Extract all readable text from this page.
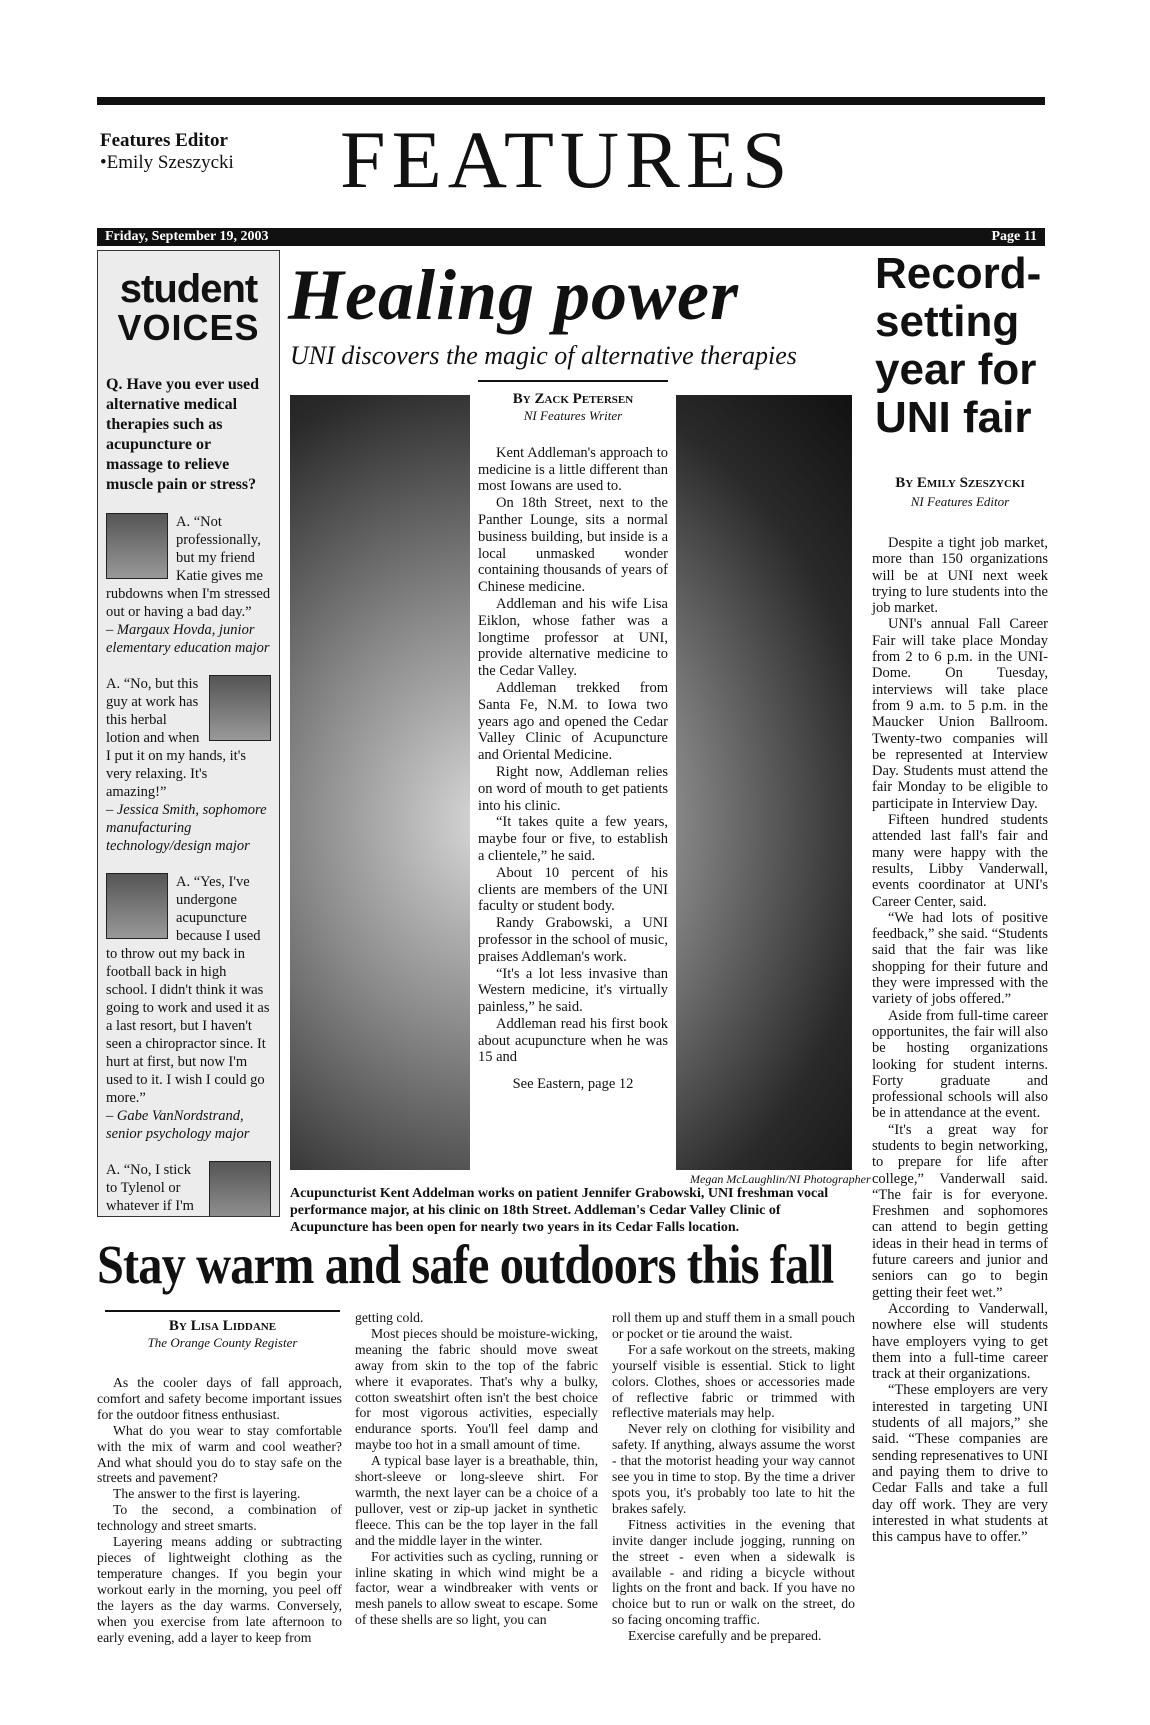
Features Editor
•Emily Szeszycki FEATURES
Friday, September 19, 2003	Page 11
student
VOICES
Q. Have you ever used alternative medical therapies such as acupuncture or massage to relieve muscle pain or stress?
A. “Not professionally, but my friend Katie gives me rubdowns when I'm stressed out or having a bad day.”
– Margaux Hovda, junior elementary education major
A. “No, but this guy at work has this herbal lotion and when I put it on my hands, it's very relaxing. It's amazing!”
– Jessica Smith, sophomore manufacturing technology/design major
A. “Yes, I've undergone acupuncture because I used to throw out my back in football back in high school. I didn't think it was going to work and used it as a last resort, but I haven't seen a chiropractor since. It hurt at first, but now I'm used to it. I wish I could go more.”
– Gabe VanNordstrand, senior psychology major
A. “No, I stick to Tylenol or whatever if I'm
Healing power
UNI discovers the magic of alternative therapies
By Zack Petersen
NI Features Writer

Kent Addleman's approach to medicine is a little different than most Iowans are used to.

On 18th Street, next to the Panther Lounge, sits a normal business building, but inside is a local unmasked wonder containing thousands of years of Chinese medicine.

Addleman and his wife Lisa Eiklon, whose father was a longtime professor at UNI, provide alternative medicine to the Cedar Valley.

Addleman trekked from Santa Fe, N.M. to Iowa two years ago and opened the Cedar Valley Clinic of Acupuncture and Oriental Medicine.

Right now, Addleman relies on word of mouth to get patients into his clinic.

“It takes quite a few years, maybe four or five, to establish a clientele,” he said.

About 10 percent of his clients are members of the UNI faculty or student body.

Randy Grabowski, a UNI professor in the school of music, praises Addleman's work.

“It's a lot less invasive than Western medicine, it's virtually painless,” he said.

Addleman read his first book about acupuncture when he was 15 and

See Eastern, page 12
Megan McLaughlin/NI Photographer
Acupuncturist Kent Addelman works on patient Jennifer Grabowski, UNI freshman vocal performance major, at his clinic on 18th Street. Addleman's Cedar Valley Clinic of Acupuncture has been open for nearly two years in its Cedar Falls location.
Record-setting year for UNI fair
By Emily Szeszycki
NI Features Editor

Despite a tight job market, more than 150 organizations will be at UNI next week trying to lure students into the job market.

UNI's annual Fall Career Fair will take place Monday from 2 to 6 p.m. in the UNI-Dome. On Tuesday, interviews will take place from 9 a.m. to 5 p.m. in the Maucker Union Ballroom. Twenty-two companies will be represented at Interview Day. Students must attend the fair Monday to be eligible to participate in Interview Day.

Fifteen hundred students attended last fall's fair and many were happy with the results, Libby Vanderwall, events coordinator at UNI's Career Center, said.

“We had lots of positive feedback,” she said. “Students said that the fair was like shopping for their future and they were impressed with the variety of jobs offered.”

Aside from full-time career opportunites, the fair will also be hosting organizations looking for student interns. Forty graduate and professional schools will also be in attendance at the event.

“It's a great way for students to begin networking, to prepare for life after college,” Vanderwall said. “The fair is for everyone. Freshmen and sophomores can attend to begin getting ideas in their head in terms of future careers and junior and seniors can go to begin getting their feet wet.”

According to Vanderwall, nowhere else will students have employers vying to get them into a full-time career track at their organizations.

“These employers are very interested in targeting UNI students of all majors,” she said. “These companies are sending represenatives to UNI and paying them to drive to Cedar Falls and take a full day off work. They are very interested in what students at this campus have to offer.”

Stay warm and safe outdoors this fall
By Lisa Liddane
The Orange County Register

As the cooler days of fall approach, comfort and safety become important issues for the outdoor fitness enthusiast.

What do you wear to stay comfortable with the mix of warm and cool weather? And what should you do to stay safe on the streets and pavement?

The answer to the first is layering.

To the second, a combination of technology and street smarts.

Layering means adding or subtracting pieces of lightweight clothing as the temperature changes. If you begin your workout early in the morning, you peel off the layers as the day warms. Conversely, when you exercise from late afternoon to early evening, add a layer to keep from

getting cold.

Most pieces should be moisture-wicking, meaning the fabric should move sweat away from skin to the top of the fabric where it evaporates. That's why a bulky, cotton sweatshirt often isn't the best choice for most vigorous activities, especially endurance sports. You'll feel damp and maybe too hot in a small amount of time.

A typical base layer is a breathable, thin, short-sleeve or long-sleeve shirt. For warmth, the next layer can be a choice of a pullover, vest or zip-up jacket in synthetic fleece. This can be the top layer in the fall and the middle layer in the winter.

For activities such as cycling, running or inline skating in which wind might be a factor, wear a windbreaker with vents or mesh panels to allow sweat to escape. Some of these shells are so light, you can

roll them up and stuff them in a small pouch or pocket or tie around the waist.

For a safe workout on the streets, making yourself visible is essential. Stick to light colors. Clothes, shoes or accessories made of reflective fabric or trimmed with reflective materials may help.

Never rely on clothing for visibility and safety. If anything, always assume the worst - that the motorist heading your way cannot see you in time to stop. By the time a driver spots you, it's probably too late to hit the brakes safely.

Fitness activities in the evening that invite danger include jogging, running on the street - even when a sidewalk is available - and riding a bicycle without lights on the front and back. If you have no choice but to run or walk on the street, do so facing oncoming traffic.

Exercise carefully and be prepared.
